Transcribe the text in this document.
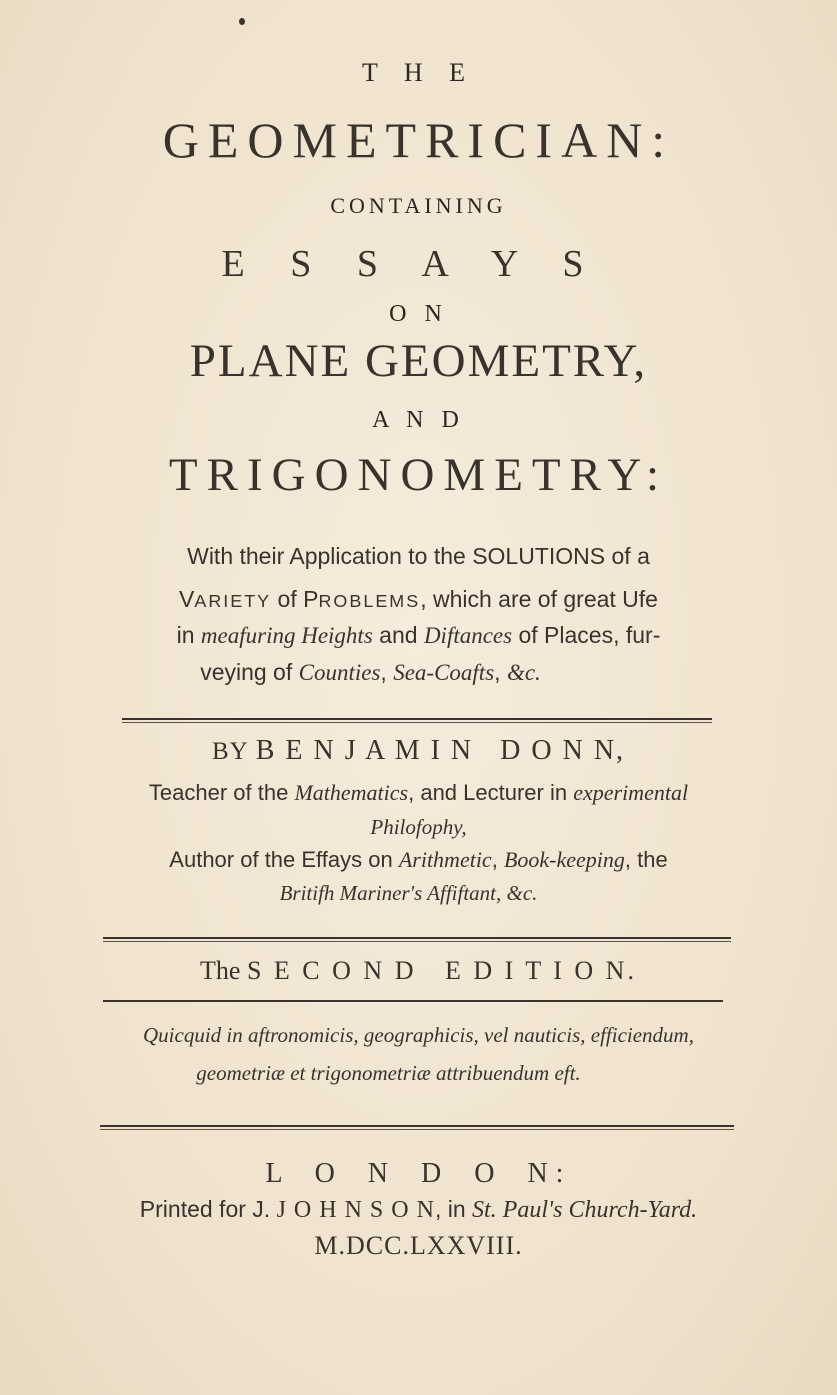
T H E
GEOMETRICIAN:
CONTAINING
E S S A Y S
O N
PLANE GEOMETRY,
A N D
TRIGONOMETRY:
With their Application to the SOLUTIONS of a
VARIETY of PROBLEMS, which are of great Ufe
in meafuring Heights and Diftances of Places, fur-
veying of Counties, Sea-Coafts, &c.
BY B E N J A M I N   D O N N,
Teacher of the Mathematics, and Lecturer in experimental
Philofophy,
Author of the Effays on Arithmetic, Book-keeping, the
Britifh Mariner's Affiftant, &c.
The S E C O N D   E D I T I O N.
Quicquid in aftronomicis, geographicis, vel nauticis, efficiendum,
geometriæ et trigonometriæ attribuendum eft.
L O N D O N:
Printed for J. J O H N S O N, in St. Paul's Church-Yard.
M.DCC.LXXVIII.
